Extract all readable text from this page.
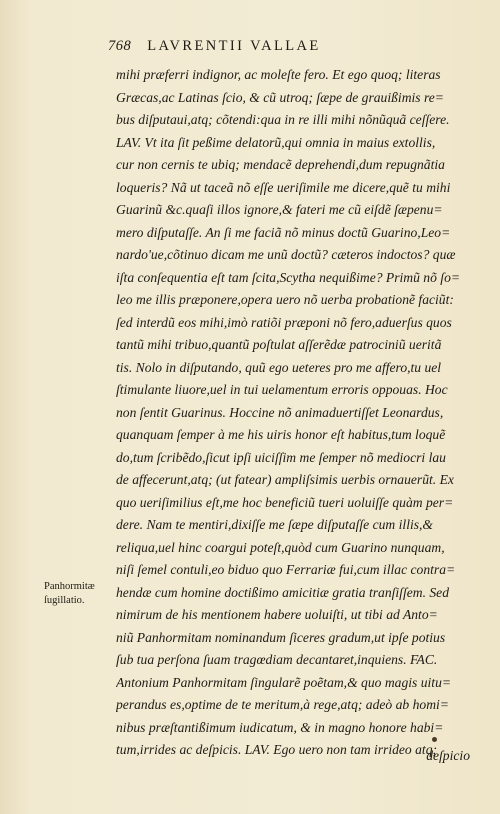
768 LAVRENTII VALLAE
mihi præferri indignor, ac moleſte fero. Et ego quoq; literas
Græcas,ac Latinas ſcio, & cũ utroq; ſæpe de grauißimis re=
bus diſputaui,atq; cõtendi:qua in re illi mihi nõnũquã ceſſere.
LAV. Vt ita ſit peßime delatorũ,qui omnia in maius extollis,
cur non cernis te ubiq; mendacẽ deprehendi,dum repugnãtia
loqueris? Nã ut taceã nõ eſſe ueriſimile me dicere,quẽ tu mihi
Guarinũ &c.quaſi illos ignore,& fateri me cũ eiſdẽ ſæpenu=
mero diſputaſſe. An ſi me faciã nõ minus doctũ Guarino,Leo=
nardo'ue,cõtinuo dicam me unũ doctũ? cæteros indoctos? quæ
iſta conſequentia eſt tam ſcita,Scytha nequißime? Primũ nõ ſo=
leo me illis præponere,opera uero nõ uerba probationẽ faciũt:
ſed interdũ eos mihi,imò ratiõi præponi nõ fero,aduerſus quos
tantũ mihi tribuo,quantũ poſtulat aſſerẽdæ patrociniũ ueritã
tis. Nolo in diſputando, quũ ego ueteres pro me affero,tu uel
ſtimulante liuore,uel in tui uelamentum erroris oppouas. Hoc
non ſentit Guarinus. Hoccine nõ animaduertiſſet Leonardus,
quanquam ſemper à me his uiris honor eſt habitus,tum loquẽ
do,tum ſcribẽdo,ſicut ipſi uiciſſim me ſemper nõ mediocri lau
de affecerunt,atq; (ut fatear) ampliſsimis uerbis ornauerũt. Ex
quo ueriſimilius eſt,me hoc beneficiũ tueri uoluiſſe quàm per=
dere. Nam te mentiri,dixiſſe me ſæpe diſputaſſe cum illis,&
reliqua,uel hinc coargui poteſt,quòd cum Guarino nunquam,
niſi ſemel contuli,eo biduo quo Ferrariæ fui,cum illac contra=
hendæ cum homine doctißimo amicitiæ gratia tranſiſſem. Sed
nimirum de his mentionem habere uoluiſti, ut tibi ad Anto=
niũ Panhormitam nominandum ſiceres gradum,ut ipſe potius
ſub tua perſona ſuam tragœdiam decantaret,inquiens. FAC.
Antonium Panhormitam ſingularẽ poẽtam,& quo magis uitu=
perandus es,optime de te meritum,à rege,atq; adeò ab homi=
nibus præſtantißimum iudicatum, & in magno honore habi=
tum,irrides ac deſpicis. LAV. Ego uero non tam irrideo atq;
Panhormitæ
ſugillatio.
deſpicio
